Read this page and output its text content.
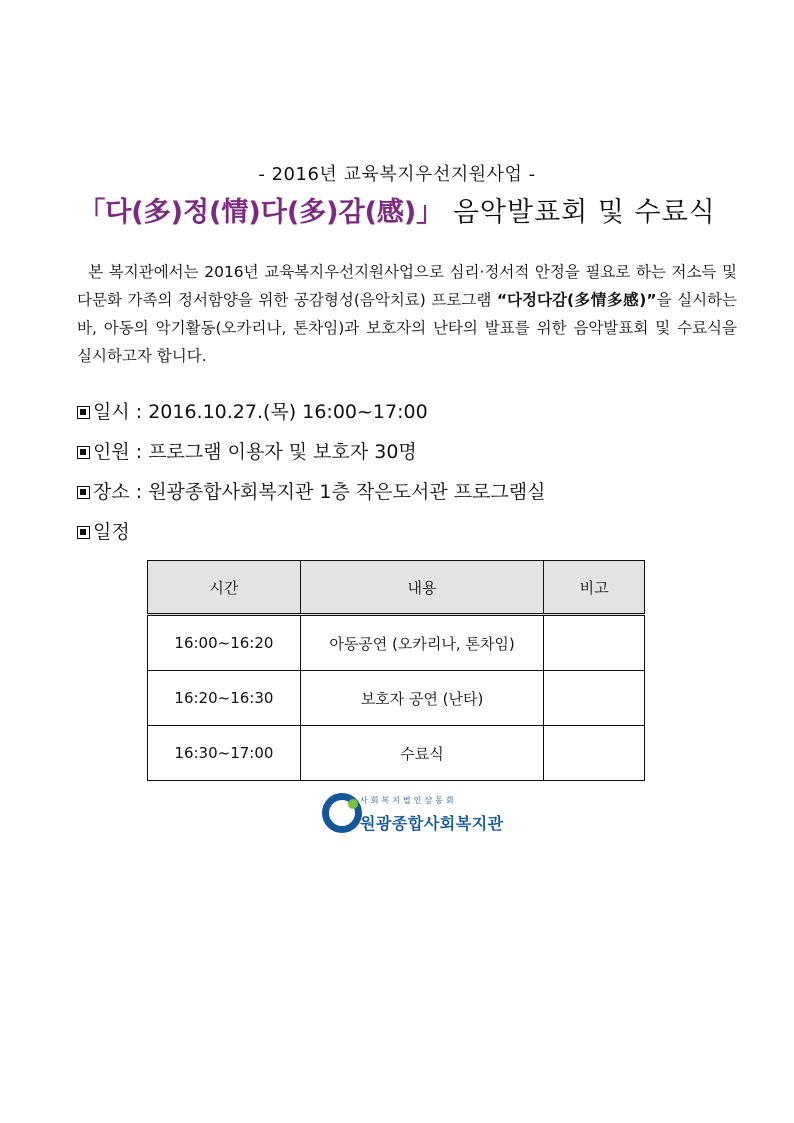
- 2016년 교육복지우선지원사업 -
「다(多)정(情)다(多)감(感)」 음악발표회 및 수료식

본 복지관에서는 2016년 교육복지우선지원사업으로 심리·정서적 안정을 필요로 하는 저소득 및 다문화 가족의 정서함양을 위한 공감형성(음악치료) 프로그램 “다정다감(多情多感)”을 실시하는 바, 아동의 악기활동(오카리나, 톤차임)과 보호자의 난타의 발표를 위한 음악발표회 및 수료식을 실시하고자 합니다.

일시 : 2016.10.27.(목) 16:00~17:00
인원 : 프로그램 이용자 및 보호자 30명
장소 : 원광종합사회복지관 1층 작은도서관 프로그램실
일정
시간	내용	비고
16:00~16:20	아동공연 (오카리나, 톤차임)	
16:20~16:30	보호자 공연 (난타)	
16:30~17:00	수료식	
사회복지법인삼동회
원광종합사회복지관
